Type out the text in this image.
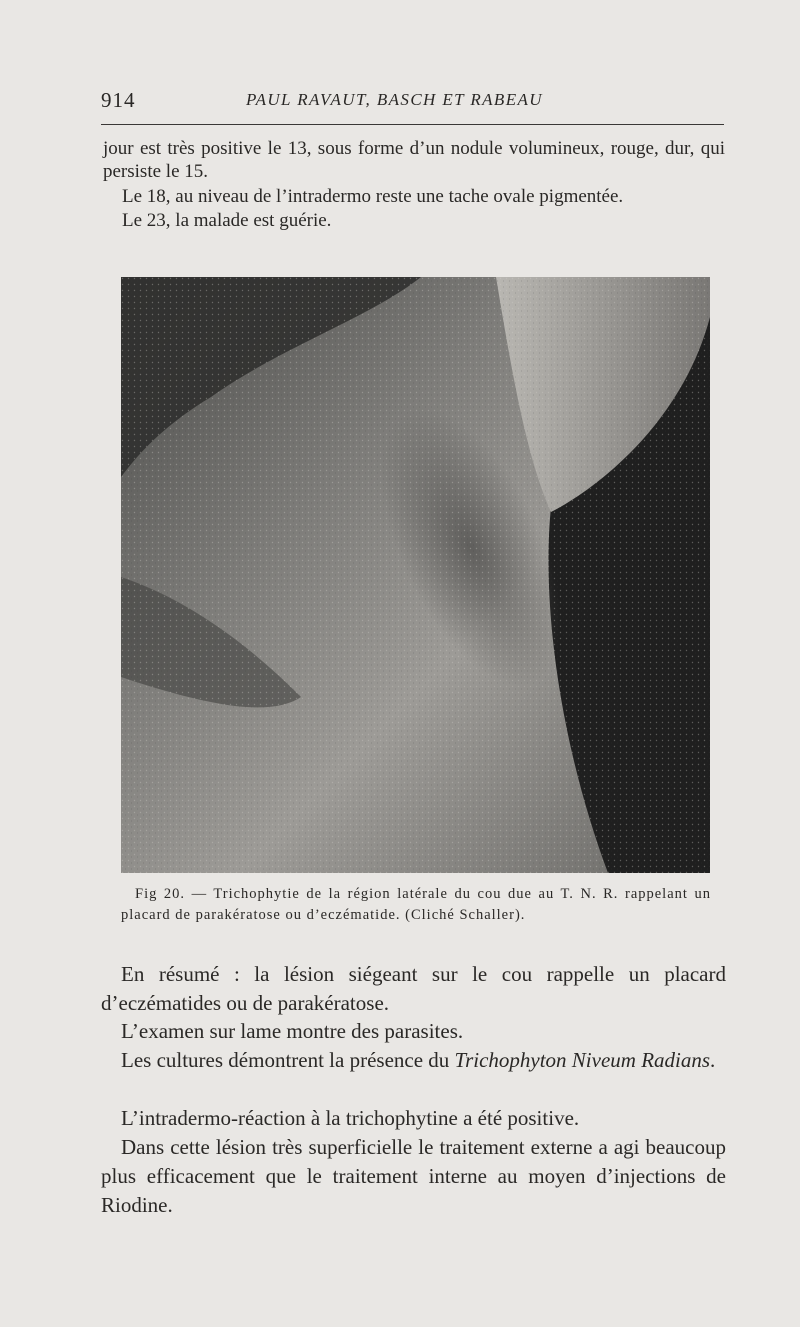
914	PAUL RAVAUT, BASCH ET RABEAU

jour est très positive le 13, sous forme d’un nodule volumineux, rouge, dur, qui persiste le 15.

Le 18, au niveau de l’intradermo reste une tache ovale pigmentée.

Le 23, la malade est guérie.

Fig 20. — Trichophytie de la région latérale du cou due au T. N. R. rappelant un placard de parakératose ou d’eczématide. (Cliché Schaller).

En résumé : la lésion siégeant sur le cou rappelle un placard d’eczématides ou de parakératose.

L’examen sur lame montre des parasites.

Les cultures démontrent la présence du Trichophyton Niveum Radians.

L’intradermo-réaction à la trichophytine a été positive.

Dans cette lésion très superficielle le traitement externe a agi beaucoup plus efficacement que le traitement interne au moyen d’injections de Riodine.
